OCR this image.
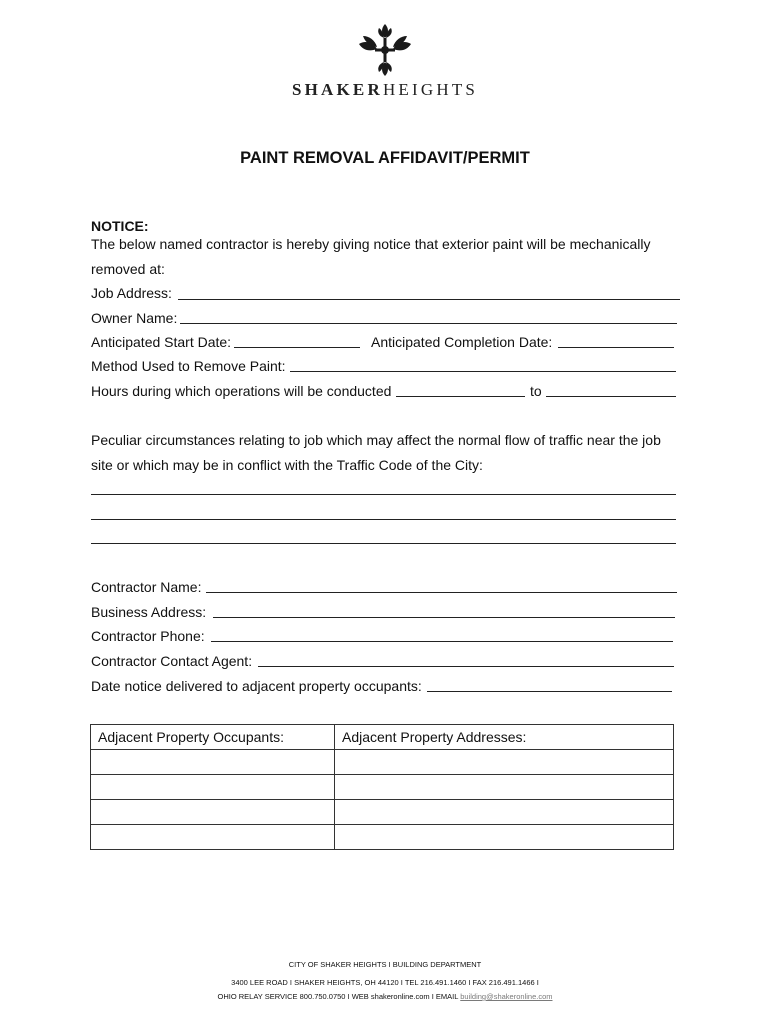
SHAKERHEIGHTS
PAINT REMOVAL AFFIDAVIT/PERMIT
NOTICE:
The below named contractor is hereby giving notice that exterior paint will be mechanically
removed at:
Job Address:
Owner Name:
Anticipated Start Date:	Anticipated Completion Date:
Method Used to Remove Paint:
Hours during which operations will be conducted	to
Peculiar circumstances relating to job which may affect the normal flow of traffic near the job
site or which may be in conflict with the Traffic Code of the City:
Contractor Name:
Business Address:
Contractor Phone:
Contractor Contact Agent:
Date notice delivered to adjacent property occupants:
Adjacent Property Occupants:	Adjacent Property Addresses:

CITY OF SHAKER HEIGHTS I BUILDING DEPARTMENT
3400 LEE ROAD I SHAKER HEIGHTS, OH 44120 I TEL 216.491.1460 I FAX 216.491.1466 I
OHIO RELAY SERVICE 800.750.0750 I WEB shakeronline.com I EMAIL building@shakeronline.com
